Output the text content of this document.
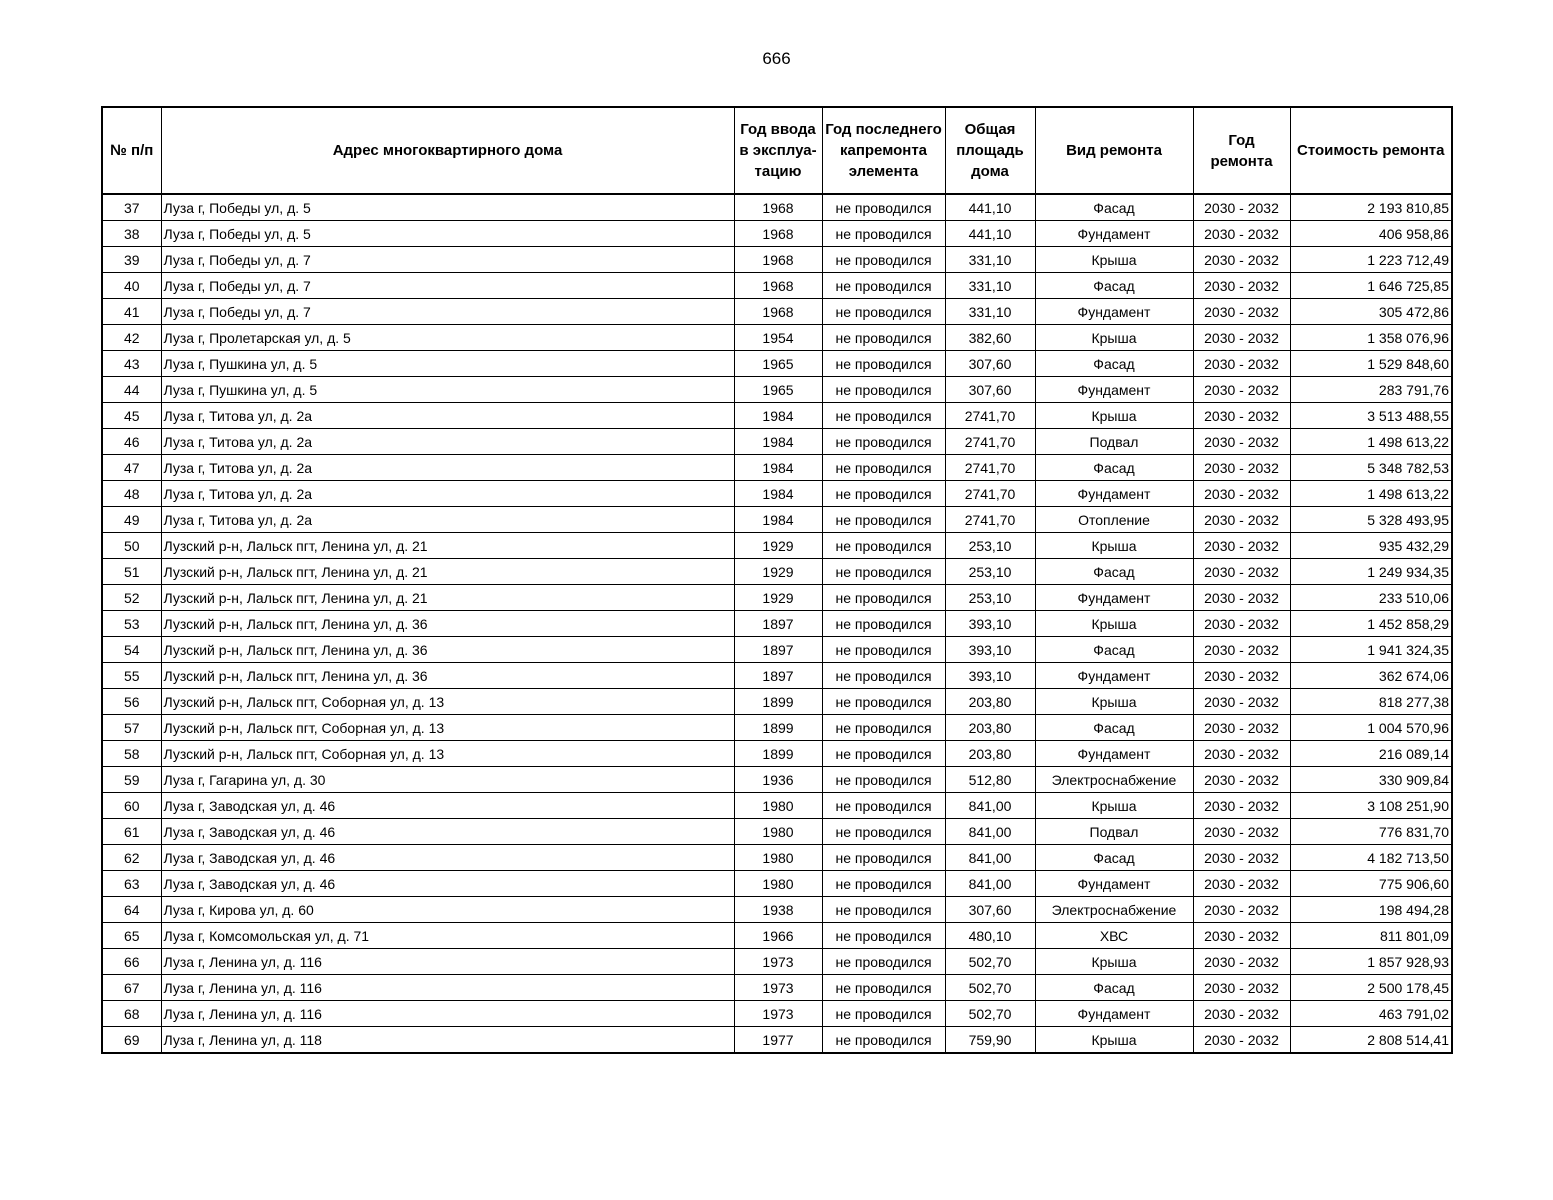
666
№ п/п	Адрес многоквартирного дома	Год ввода в эксплуа-тацию	Год последнего капремонта элемента	Общая площадь дома	Вид ремонта	Год ремонта	Стоимость ремонта
37	Луза г, Победы ул, д. 5	1968	не проводился	441,10	Фасад	2030 - 2032	2 193 810,85
38	Луза г, Победы ул, д. 5	1968	не проводился	441,10	Фундамент	2030 - 2032	406 958,86
39	Луза г, Победы ул, д. 7	1968	не проводился	331,10	Крыша	2030 - 2032	1 223 712,49
40	Луза г, Победы ул, д. 7	1968	не проводился	331,10	Фасад	2030 - 2032	1 646 725,85
41	Луза г, Победы ул, д. 7	1968	не проводился	331,10	Фундамент	2030 - 2032	305 472,86
42	Луза г, Пролетарская ул, д. 5	1954	не проводился	382,60	Крыша	2030 - 2032	1 358 076,96
43	Луза г, Пушкина ул, д. 5	1965	не проводился	307,60	Фасад	2030 - 2032	1 529 848,60
44	Луза г, Пушкина ул, д. 5	1965	не проводился	307,60	Фундамент	2030 - 2032	283 791,76
45	Луза г, Титова ул, д. 2а	1984	не проводился	2741,70	Крыша	2030 - 2032	3 513 488,55
46	Луза г, Титова ул, д. 2а	1984	не проводился	2741,70	Подвал	2030 - 2032	1 498 613,22
47	Луза г, Титова ул, д. 2а	1984	не проводился	2741,70	Фасад	2030 - 2032	5 348 782,53
48	Луза г, Титова ул, д. 2а	1984	не проводился	2741,70	Фундамент	2030 - 2032	1 498 613,22
49	Луза г, Титова ул, д. 2а	1984	не проводился	2741,70	Отопление	2030 - 2032	5 328 493,95
50	Лузский р-н, Лальск пгт, Ленина ул, д. 21	1929	не проводился	253,10	Крыша	2030 - 2032	935 432,29
51	Лузский р-н, Лальск пгт, Ленина ул, д. 21	1929	не проводился	253,10	Фасад	2030 - 2032	1 249 934,35
52	Лузский р-н, Лальск пгт, Ленина ул, д. 21	1929	не проводился	253,10	Фундамент	2030 - 2032	233 510,06
53	Лузский р-н, Лальск пгт, Ленина ул, д. 36	1897	не проводился	393,10	Крыша	2030 - 2032	1 452 858,29
54	Лузский р-н, Лальск пгт, Ленина ул, д. 36	1897	не проводился	393,10	Фасад	2030 - 2032	1 941 324,35
55	Лузский р-н, Лальск пгт, Ленина ул, д. 36	1897	не проводился	393,10	Фундамент	2030 - 2032	362 674,06
56	Лузский р-н, Лальск пгт, Соборная ул, д. 13	1899	не проводился	203,80	Крыша	2030 - 2032	818 277,38
57	Лузский р-н, Лальск пгт, Соборная ул, д. 13	1899	не проводился	203,80	Фасад	2030 - 2032	1 004 570,96
58	Лузский р-н, Лальск пгт, Соборная ул, д. 13	1899	не проводился	203,80	Фундамент	2030 - 2032	216 089,14
59	Луза г, Гагарина ул, д. 30	1936	не проводился	512,80	Электроснабжение	2030 - 2032	330 909,84
60	Луза г, Заводская ул, д. 46	1980	не проводился	841,00	Крыша	2030 - 2032	3 108 251,90
61	Луза г, Заводская ул, д. 46	1980	не проводился	841,00	Подвал	2030 - 2032	776 831,70
62	Луза г, Заводская ул, д. 46	1980	не проводился	841,00	Фасад	2030 - 2032	4 182 713,50
63	Луза г, Заводская ул, д. 46	1980	не проводился	841,00	Фундамент	2030 - 2032	775 906,60
64	Луза г, Кирова ул, д. 60	1938	не проводился	307,60	Электроснабжение	2030 - 2032	198 494,28
65	Луза г, Комсомольская ул, д. 71	1966	не проводился	480,10	ХВС	2030 - 2032	811 801,09
66	Луза г, Ленина ул, д. 116	1973	не проводился	502,70	Крыша	2030 - 2032	1 857 928,93
67	Луза г, Ленина ул, д. 116	1973	не проводился	502,70	Фасад	2030 - 2032	2 500 178,45
68	Луза г, Ленина ул, д. 116	1973	не проводился	502,70	Фундамент	2030 - 2032	463 791,02
69	Луза г, Ленина ул, д. 118	1977	не проводился	759,90	Крыша	2030 - 2032	2 808 514,41
